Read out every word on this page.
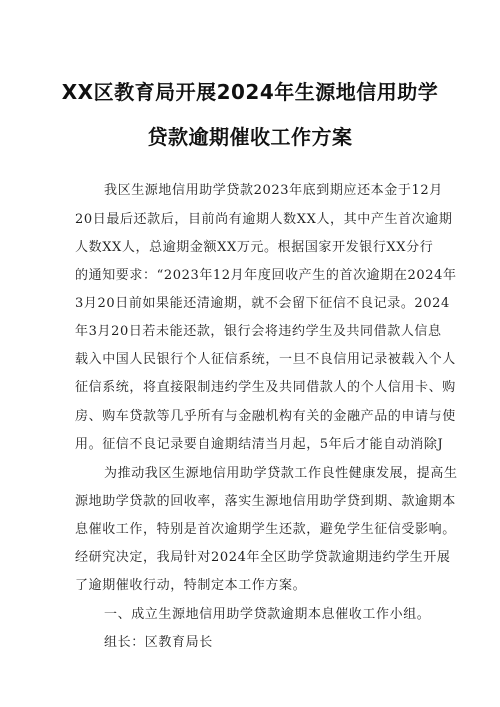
XX区教育局开展2024年生源地信用助学
贷款逾期催收工作方案
我区生源地信用助学贷款2023年底到期应还本金于12月
20日最后还款后，目前尚有逾期人数XX人，其中产生首次逾期
人数XX人，总逾期金额XX万元。根据国家开发银行XX分行
的通知要求：“2023年12月年度回收产生的首次逾期在2024年
3月20日前如果能还清逾期，就不会留下征信不良记录。2024
年3月20日若未能还款，银行会将违约学生及共同借款人信息
载入中国人民银行个人征信系统，一旦不良信用记录被载入个人
征信系统，将直接限制违约学生及共同借款人的个人信用卡、购
房、购车贷款等几乎所有与金融机构有关的金融产品的申请与使
用。征信不良记录要自逾期结清当月起，5年后才能自动消除J
为推动我区生源地信用助学贷款工作良性健康发展，提高生
源地助学贷款的回收率，落实生源地信用助学贷到期、款逾期本
息催收工作，特别是首次逾期学生还款，避免学生征信受影响。
经研究决定，我局针对2024年全区助学贷款逾期违约学生开展
了逾期催收行动，特制定本工作方案。
一、成立生源地信用助学贷款逾期本息催收工作小组。
组长：区教育局长
